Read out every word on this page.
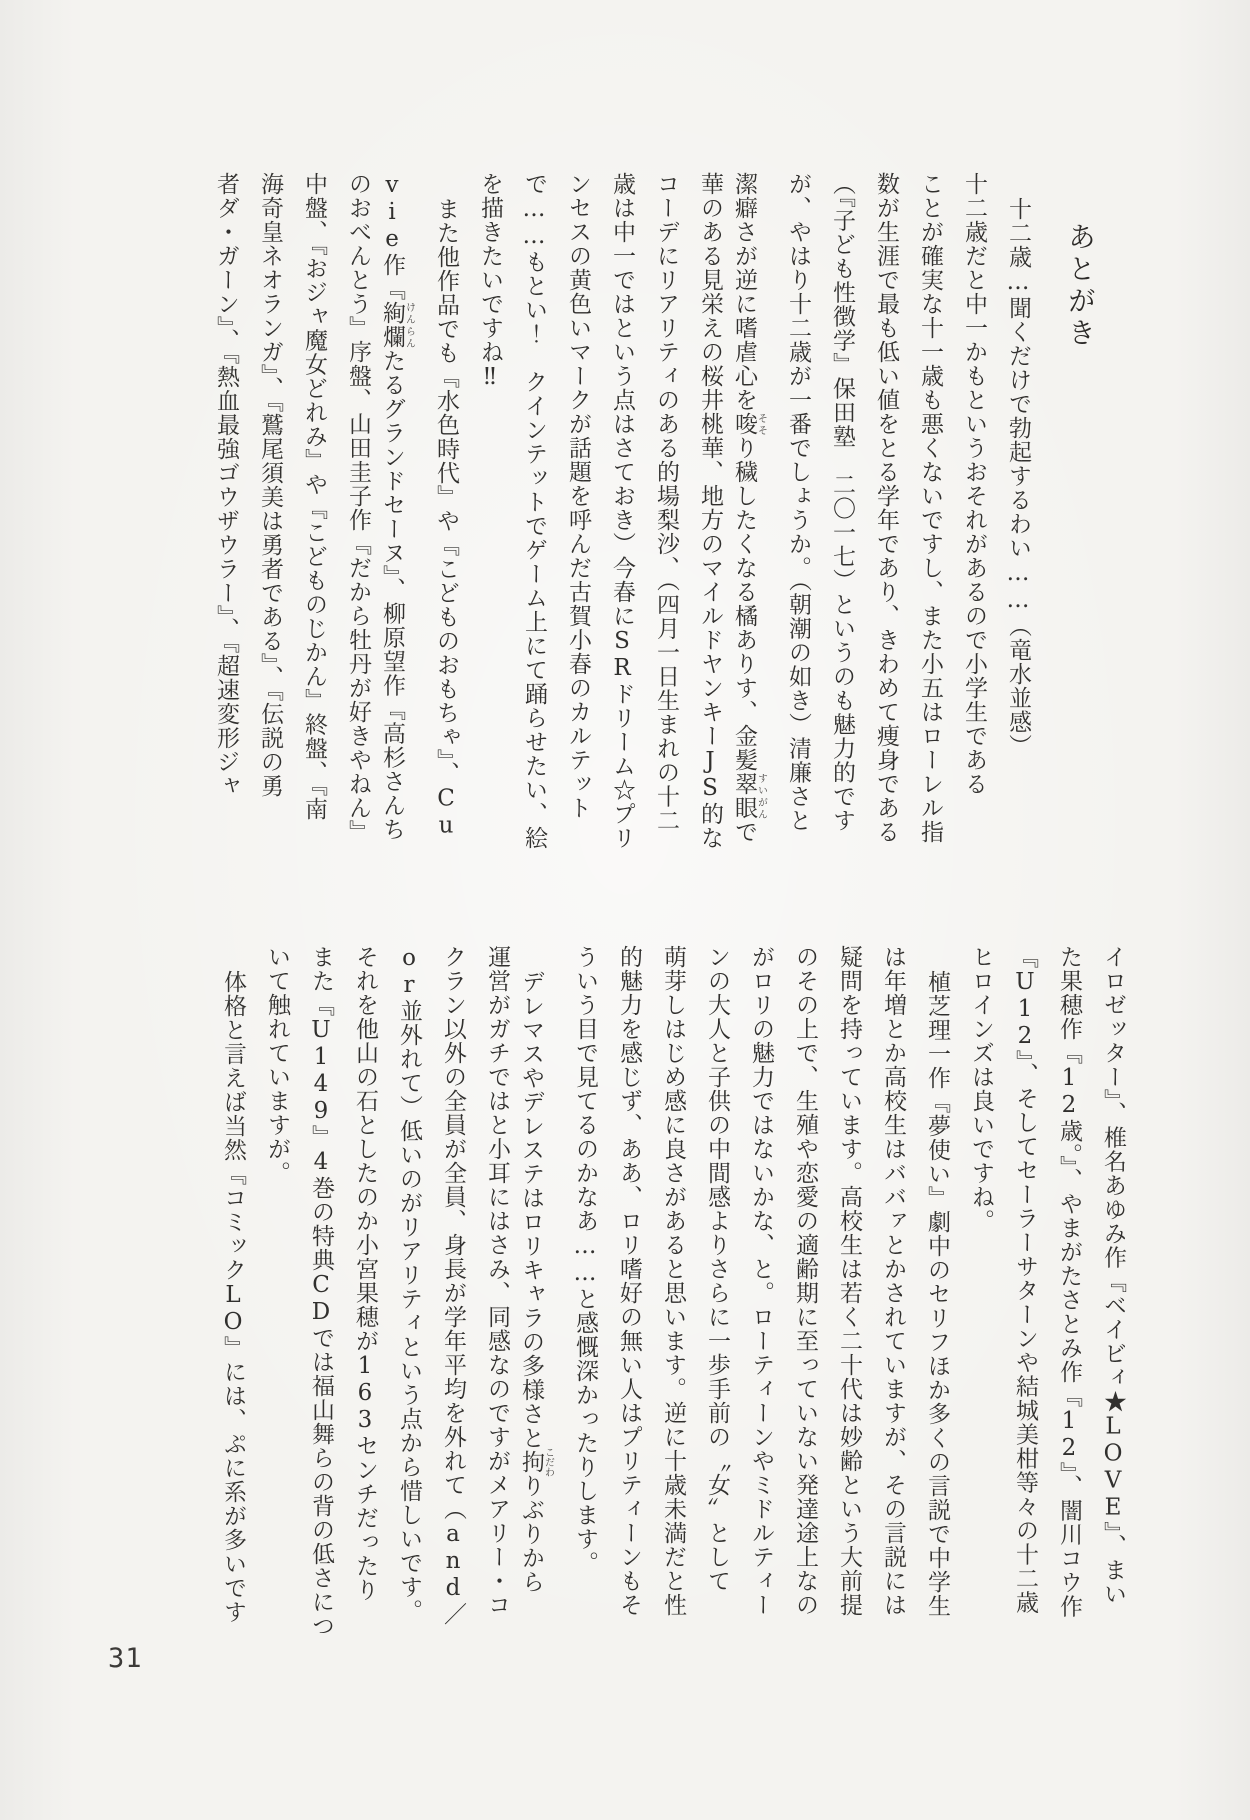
あとがき
十二歳…聞くだけで勃起するわい……（竜水並感）
十二歳だと中一かもというおそれがあるので小学生である
ことが確実な十一歳も悪くないですし、また小五はローレル指
数が生涯で最も低い値をとる学年であり、きわめて痩身である
（『子ども性徴学』保田塾　二〇一七）というのも魅力的です
が、やはり十二歳が一番でしょうか。（朝潮の如き）清廉さと
潔癖さが逆に嗜虐心を唆そそり穢したくなる橘ありす、金髪翠眼すいがんで
華のある見栄えの桜井桃華、地方のマイルドヤンキーJS的な
コーデにリアリティのある的場梨沙、（四月一日生まれの十二
歳は中一ではという点はさておき）今春にSRドリーム☆プリ
ンセスの黄色いマークが話題を呼んだ古賀小春のカルテット
で……もとい！　クインテットでゲーム上にて踊らせたい、絵
を描きたいですね‼
また他作品でも『水色時代』や『こどものおもちゃ』、Cu
vie作『絢爛けんらんたるグランドセーヌ』、柳原望作『高杉さんち
のおべんとう』序盤、山田圭子作『だから牡丹が好きやねん』
中盤、『おジャ魔女どれみ』や『こどものじかん』終盤、『南
海奇皇ネオランガ』、『鷲尾須美は勇者である』、『伝説の勇
者ダ・ガーン』、『熱血最強ゴウザウラー』、『超速変形ジャ
イロゼッター』、椎名あゆみ作『ベイビィ★LOVE』、まい
た果穂作『12歳。』、やまがたさとみ作『12』、闇川コウ作
『U12』、そしてセーラーサターンや結城美柑等々の十二歳
ヒロインズは良いですね。
植芝理一作『夢使い』劇中のセリフほか多くの言説で中学生
は年増とか高校生はババァとかされていますが、その言説には
疑問を持っています。高校生は若く二十代は妙齢という大前提
のその上で、生殖や恋愛の適齢期に至っていない発達途上なの
がロリの魅力ではないかな、と。ローティーンやミドルティー
ンの大人と子供の中間感よりさらに一歩手前の〝女〟として
萌芽しはじめ感に良さがあると思います。逆に十歳未満だと性
的魅力を感じず、ああ、ロリ嗜好の無い人はプリティーンもそ
ういう目で見てるのかなあ……と感慨深かったりします。
デレマスやデレステはロリキャラの多様さと拘こだわりぶりから
運営がガチではと小耳にはさみ、同感なのですがメアリー・コ
クラン以外の全員が全員、身長が学年平均を外れて（and／
or並外れて）低いのがリアリティという点から惜しいです。
それを他山の石としたのか小宮果穂が163センチだったり
また『U149』4巻の特典CDでは福山舞らの背の低さにつ
いて触れていますが。
体格と言えば当然『コミックLO』には、ぷに系が多いです
31
